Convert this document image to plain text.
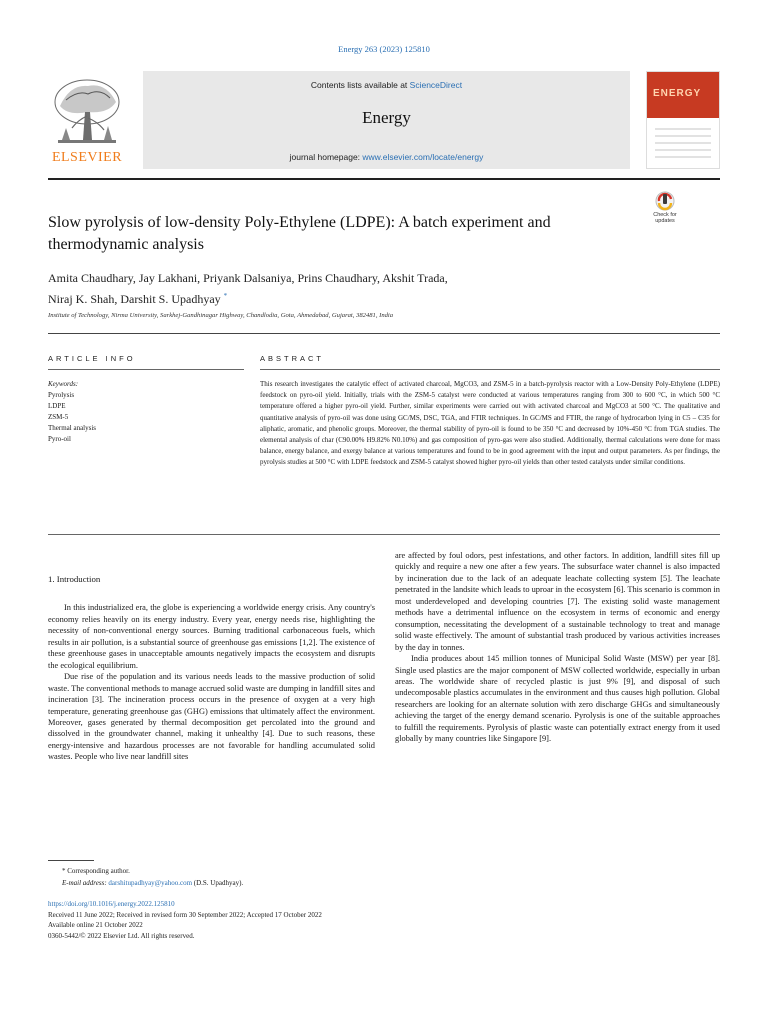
Energy 263 (2023) 125810
ELSEVIER
Contents lists available at ScienceDirect
Energy
journal homepage: www.elsevier.com/locate/energy
ENERGY
Check for
updates
Slow pyrolysis of low-density Poly-Ethylene (LDPE): A batch experiment and thermodynamic analysis
Amita Chaudhary, Jay Lakhani, Priyank Dalsaniya, Prins Chaudhary, Akshit Trada,
Niraj K. Shah, Darshit S. Upadhyay *
Institute of Technology, Nirma University, Sarkhej-Gandhinagar Highway, Chandlodia, Gota, Ahmedabad, Gujarat, 382481, India
ARTICLE INFO	ABSTRACT
Keywords:
Pyrolysis
LDPE
ZSM-5
Thermal analysis
Pyro-oil
This research investigates the catalytic effect of activated charcoal, MgCO3, and ZSM-5 in a batch-pyrolysis reactor with a Low-Density Poly-Ethylene (LDPE) feedstock on pyro-oil yield. Initially, trials with the ZSM-5 catalyst were conducted at various temperatures ranging from 300 to 600 °C, in which 500 °C temperature offered a higher pyro-oil yield. Further, similar experiments were carried out with activated charcoal and MgCO3 at 500 °C. The qualitative and quantitative analysis of pyro-oil was done using GC/MS, DSC, TGA, and FTIR techniques. In GC/MS and FTIR, the range of hydrocarbon lying in C5 – C35 for aliphatic, aromatic, and phenolic groups. Moreover, the thermal stability of pyro-oil is found to be 350 °C and decreased by 10%-450 °C from TGA studies. The elemental analysis of char (C90.00% H9.82% N0.10%) and gas composition of pyro-gas were also studied. Additionally, thermal calculations were done for mass balance, energy balance, and exergy balance at various temperatures and found to be in good agreement with the input and output parameters. As per findings, the pyrolysis studies at 500 °C with LDPE feedstock and ZSM-5 catalyst showed higher pyro-oil yields than other tested catalysts under similar conditions.
1. Introduction

In this industrialized era, the globe is experiencing a worldwide energy crisis. Any country's economy relies heavily on its energy industry. Every year, energy needs rise, highlighting the necessity of non-conventional energy sources. Burning traditional carbonaceous fuels, which results in air pollution, is a substantial source of greenhouse gas emissions [1,2]. The existence of these greenhouse gases in unacceptable amounts negatively impacts the ecosystem and disrupts the ecological equilibrium.

Due rise of the population and its various needs leads to the massive production of solid waste. The conventional methods to manage accrued solid waste are dumping in landfill sites and incineration [3]. The incineration process occurs in the presence of oxygen at a very high temperature, generating greenhouse gas (GHG) emissions that ultimately affect the environment. Moreover, gases generated by thermal decomposition get percolated into the ground and dissolved in the groundwater channel, making it unhealthy [4]. Due to such reasons, these energy-intensive and hazardous processes are not favorable for handling accumulated solid wastes. People who live near landfill sites

are affected by foul odors, pest infestations, and other factors. In addition, landfill sites fill up quickly and require a new one after a few years. The subsurface water channel is also impacted by incineration due to the lack of an adequate leachate collecting system [5]. The leachate penetrated in the landsite which leads to uproar in the ecosystem [6]. This scenario is common in most underdeveloped and developing countries [7]. The existing solid waste management methods have a detrimental influence on the ecosystem in terms of economic and energy consumption, necessitating the development of a sustainable technology to treat and manage solid waste effectively. The amount of substantial trash produced by various activities increases by the day in tonnes.

India produces about 145 million tonnes of Municipal Solid Waste (MSW) per year [8]. Single used plastics are the major component of MSW collected worldwide, especially in urban areas. The worldwide share of recycled plastic is just 9% [9], and disposal of such undecomposable plastics accumulates in the environment and thus causes high pollution. Global researchers are looking for an alternate solution with zero discharge GHGs and simultaneously achieving the target of the energy demand scenario. Pyrolysis is one of the suitable approaches to fulfill the requirements. Pyrolysis of plastic waste can potentially extract energy from it used globally by many countries like Singapore [9].

* Corresponding author.
E-mail address: darshitupadhyay@yahoo.com (D.S. Upadhyay).
https://doi.org/10.1016/j.energy.2022.125810
Received 11 June 2022; Received in revised form 30 September 2022; Accepted 17 October 2022
Available online 21 October 2022
0360-5442/© 2022 Elsevier Ltd. All rights reserved.
